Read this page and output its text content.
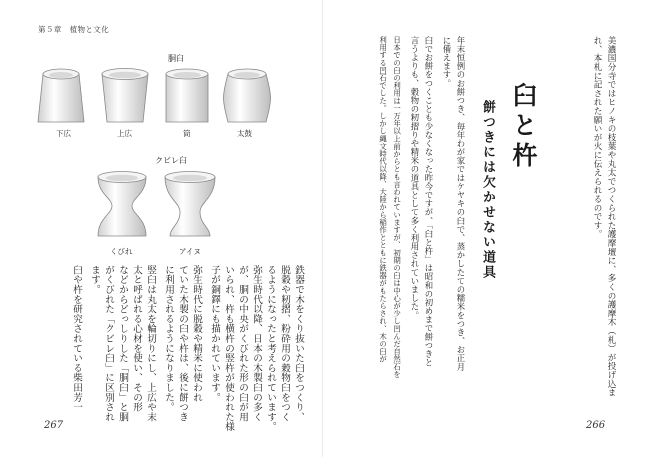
第５章　植物と文化
胴臼
下広	上広	筒	太鼓
クビレ臼
くびれ	アイヌ
鉄器で木をくり抜いた臼をつくり、
脱穀や籾摺、粉砕用の穀物臼をつく
るようになったと考えられています。
弥生時代以降、日本の木製臼の多く
が、胴の中央がくびれた形の臼が用
いられ、杵も横杵の竪杵が使われた様
子が銅鐸にも描かれています。
弥生時代に脱穀や精米に使われ
ていた木製の臼や杵は、後に餅つき
に利用されるようになりました。
竪臼は丸太を輪切りにし、上広や末
太と呼ばれる心材を使い、その形
などからどっしりした「胴臼」と胴
がくびれた「クビレ臼」に区別され
ます。
臼や杵を研究されている柴田芳一
267
美濃国分寺ではヒノキの枝葉や丸太でつくられた護摩壇に、多くの護摩木（札）が投げ込ま
れ、本札に記された願いが火に伝えられるのです。
臼と杵
餅つきには欠かせない道具
年末恒例のお餅つき、毎年わが家ではケヤキの臼で、蒸かしたての糯米をつき、お正月
に備えます。
臼でお餅をつくことも少なくなった昨今ですが、「臼と杵」は昭和の初めまで餅つきと
言うよりも、穀物の籾摺りや精米の道具として多く利用されていました。
日本での臼の利用は一万年以上前からとも言われていますが、初期の臼は中心が少し凹んだ自然石を
利用する凹石でした。しかし縄文時代以降、大陸から稲作とともに鉄器がもたらされ、木の臼が
266
